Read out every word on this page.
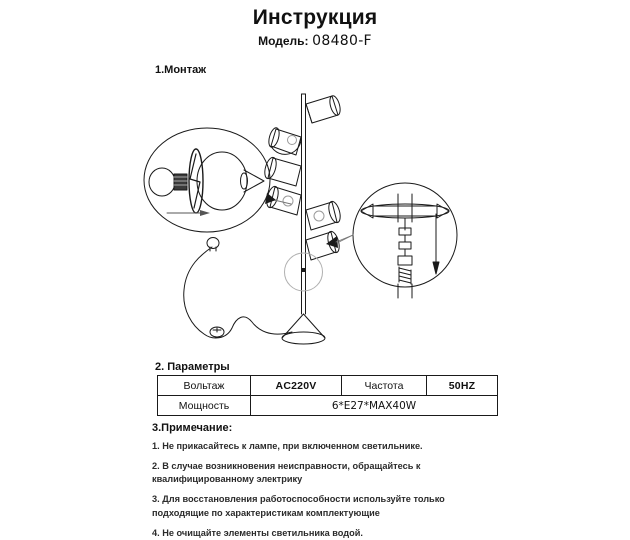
Инструкция
Модель: 08480-F
1.Монтаж
2. Параметры
Вольтаж	AC220V	Частота	50HZ
Мощность	6*E27*MAX40W		
3.Примечание:
1. Не прикасайтесь к лампе, при включенном светильнике.
2. В случае возникновения неисправности, обращайтесь к квалифицированному электрику
3. Для восстановления работоспособности используйте только подходящие по характеристикам комплектующие
4. Не очищайте элементы светильника водой.
